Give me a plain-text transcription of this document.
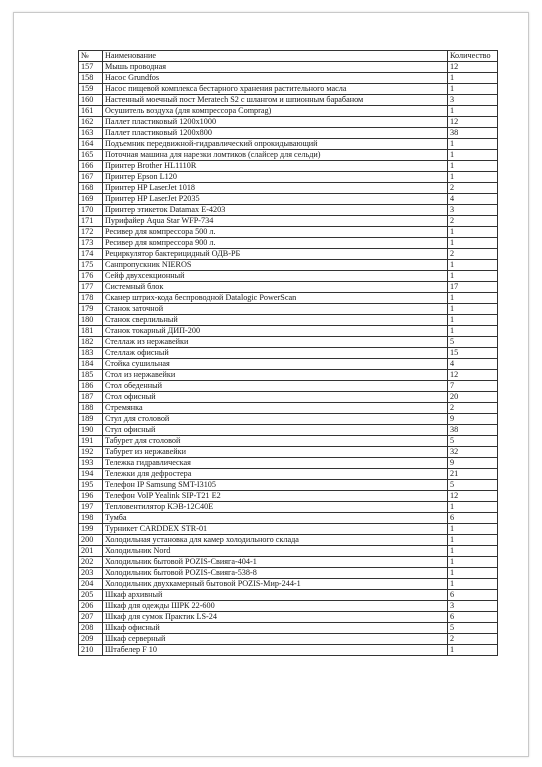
№	Наименование	Количество
157	Мышь проводная	12
158	Насос Grundfos	1
159	Насос пищевой комплекса бестарного хранения растительного масла	1
160	Настенный моечный пост Meratech S2 с шлангом и шпионным барабаном	3
161	Осушитель воздуха (для компрессора Comprag)	1
162	Паллет пластиковый 1200х1000	12
163	Паллет пластиковый 1200х800	38
164	Подъемник передвижной-гидравлический опрокидывающий	1
165	Поточная машина для нарезки ломтиков (слайсер для сельди)	1
166	Принтер Brother HL1110R	1
167	Принтер Epson L120	1
168	Принтер HP LaserJet 1018	2
169	Принтер HP LaserJet P2035	4
170	Принтер этикеток Datamax E-4203	3
171	Пурифайер Aqua Star WFP-734	2
172	Ресивер для компрессора 500 л.	1
173	Ресивер для компрессора 900 л.	1
174	Рециркулятор бактерицидный ОДВ-РБ	2
175	Санпропускник NIEROS	1
176	Сейф двухсекционный	1
177	Системный блок	17
178	Сканер штрих-кода беспроводной Datalogic PowerScan	1
179	Станок заточной	1
180	Станок сверлильный	1
181	Станок токарный ДИП-200	1
182	Стеллаж из нержавейки	5
183	Стеллаж офисный	15
184	Стойка сушильная	4
185	Стол из нержавейки	12
186	Стол обеденный	7
187	Стол офисный	20
188	Стремянка	2
189	Стул для столовой	9
190	Стул офисный	38
191	Табурет для столовой	5
192	Табурет из нержавейки	32
193	Тележка гидравлическая	9
194	Тележки для дефростера	21
195	Телефон IP Samsung SMT-I3105	5
196	Телефон VoIP Yealink SIP-T21 E2	12
197	Тепловентилятор КЭВ-12С40Е	1
198	Тумба	6
199	Турникет CARDDEX STR-01	1
200	Холодильная установка для камер холодильного склада	1
201	Холодильник Nord	1
202	Холодильник бытовой POZIS-Свияга-404-1	1
203	Холодильник бытовой POZIS-Свияга-538-8	1
204	Холодильник двухкамерный бытовой POZIS-Мир-244-1	1
205	Шкаф архивный	6
206	Шкаф для одежды ШРК 22-600	3
207	Шкаф для сумок Практик LS-24	6
208	Шкаф офисный	5
209	Шкаф серверный	2
210	Штабелер F 10	1
